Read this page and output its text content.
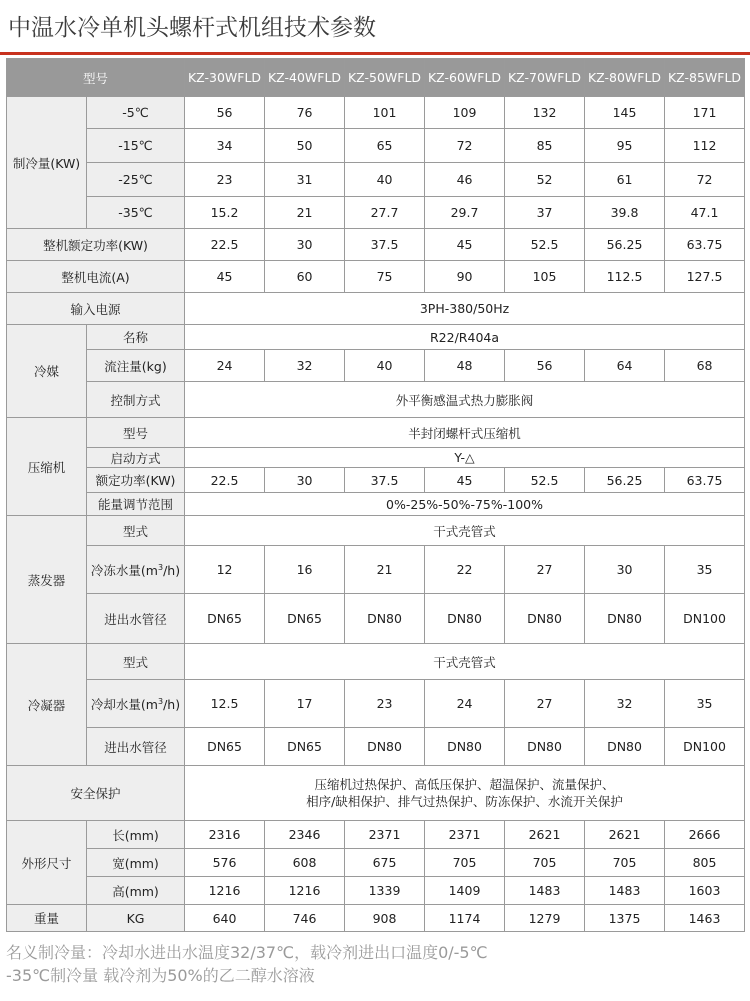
中温水冷单机头螺杆式机组技术参数
型号		KZ-30WFLD	KZ-40WFLD	KZ-50WFLD	KZ-60WFLD	KZ-70WFLD	KZ-80WFLD	KZ-85WFLD
制冷量(KW)	-5℃	56	76	101	109	132	145	171
	-15℃	34	50	65	72	85	95	112
	-25℃	23	31	40	46	52	61	72
	-35℃	15.2	21	27.7	29.7	37	39.8	47.1
整机额定功率(KW)		22.5	30	37.5	45	52.5	56.25	63.75
整机电流(A)		45	60	75	90	105	112.5	127.5
输入电源		3PH-380/50Hz						
冷媒	名称	R22/R404a						
	流注量(kg)	24	32	40	48	56	64	68
	控制方式	外平衡感温式热力膨胀阀						
压缩机	型号	半封闭螺杆式压缩机						
	启动方式	Y-△						
	额定功率(KW)	22.5	30	37.5	45	52.5	56.25	63.75
	能量调节范围	0%-25%-50%-75%-100%						
蒸发器	型式	干式壳管式						
	冷冻水量$(m^3/h)$	12	16	21	22	27	30	35
	进出水管径	DN65	DN65	DN80	DN80	DN80	DN80	DN100
冷凝器	型式	干式壳管式						
	冷却水量$(m^3/h)$	12.5	17	23	24	27	32	35
	进出水管径	DN65	DN65	DN80	DN80	DN80	DN80	DN100
安全保护		压缩机过热保护、高低压保护、超温保护、流量保护、
相序/缺相保护、排气过热保护、防冻保护、水流开关保护						

外形尺寸	长(mm)	2316	2346	2371	2371	2621	2621	2666
	宽(mm)	576	608	675	705	705	705	805
	高(mm)	1216	1216	1339	1409	1483	1483	1603
重量	KG	640	746	908	1174	1279	1375	1463
名义制冷量：冷却水进出水温度32/37℃，载冷剂进出口温度0/-5℃
-35℃制冷量 载冷剂为50%的乙二醇水溶液
